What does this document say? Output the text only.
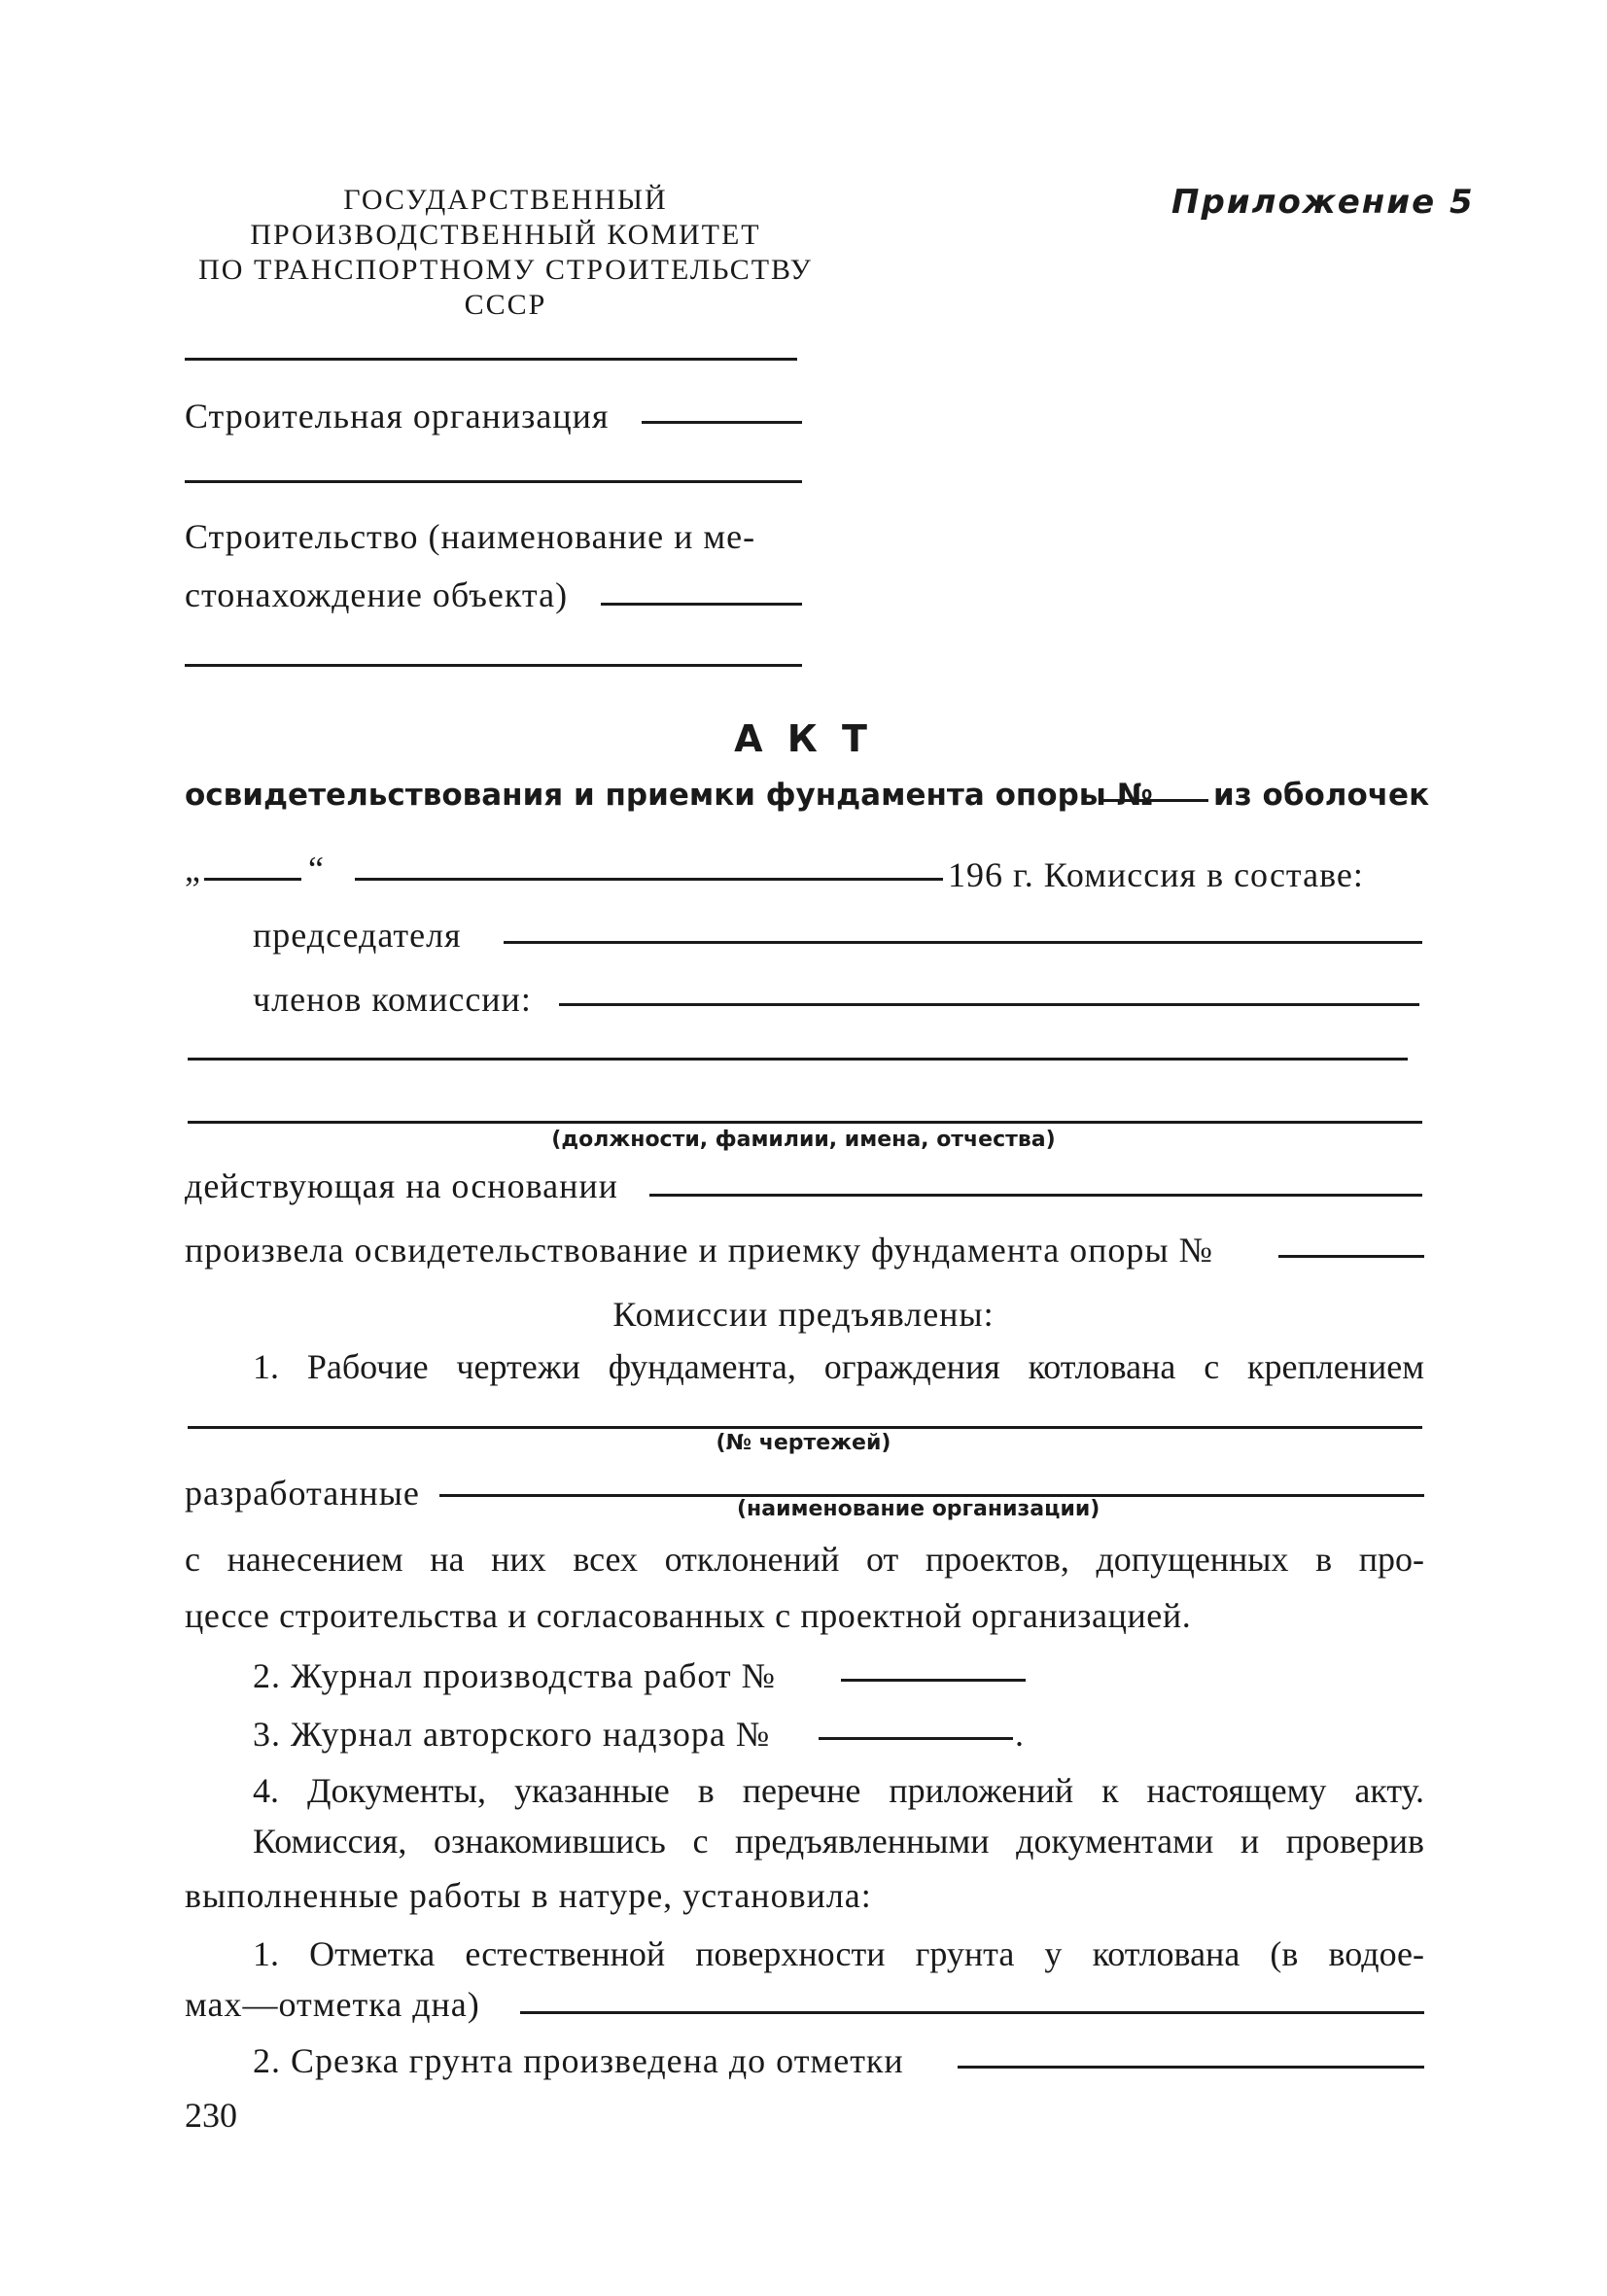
ГОСУДАРСТВЕННЫЙ
ПРОИЗВОДСТВЕННЫЙ КОМИТЕТ
ПО ТРАНСПОРТНОМУ СТРОИТЕЛЬСТВУ
СССР
Приложение 5
Строительная организация
Строительство (наименование и ме-
стонахождение объекта)
А К Т
освидетельствования и приемки фундамента опоры № из оболочек
„	“	196 г. Комиссия в составе:
председателя
членов комиссии:
(должности, фамилии, имена, отчества)
действующая на основании
произвела освидетельствование и приемку фундамента опоры №
Комиссии предъявлены:
1. Рабочие чертежи фундамента, ограждения котлована с креплением
(№ чертежей)
разработанные	(наименование организации)
с нанесением на них всех отклонений от проектов, допущенных в про-
цессе строительства и согласованных с проектной организацией.
2. Журнал производства работ №
3. Журнал авторского надзора №	.
4. Документы, указанные в перечне приложений к настоящему акту.
Комиссия, ознакомившись с предъявленными документами и проверив
выполненные работы в натуре, установила:
1. Отметка естественной поверхности грунта у котлована (в водое-
мах—отметка дна)
2. Срезка грунта произведена до отметки
230
